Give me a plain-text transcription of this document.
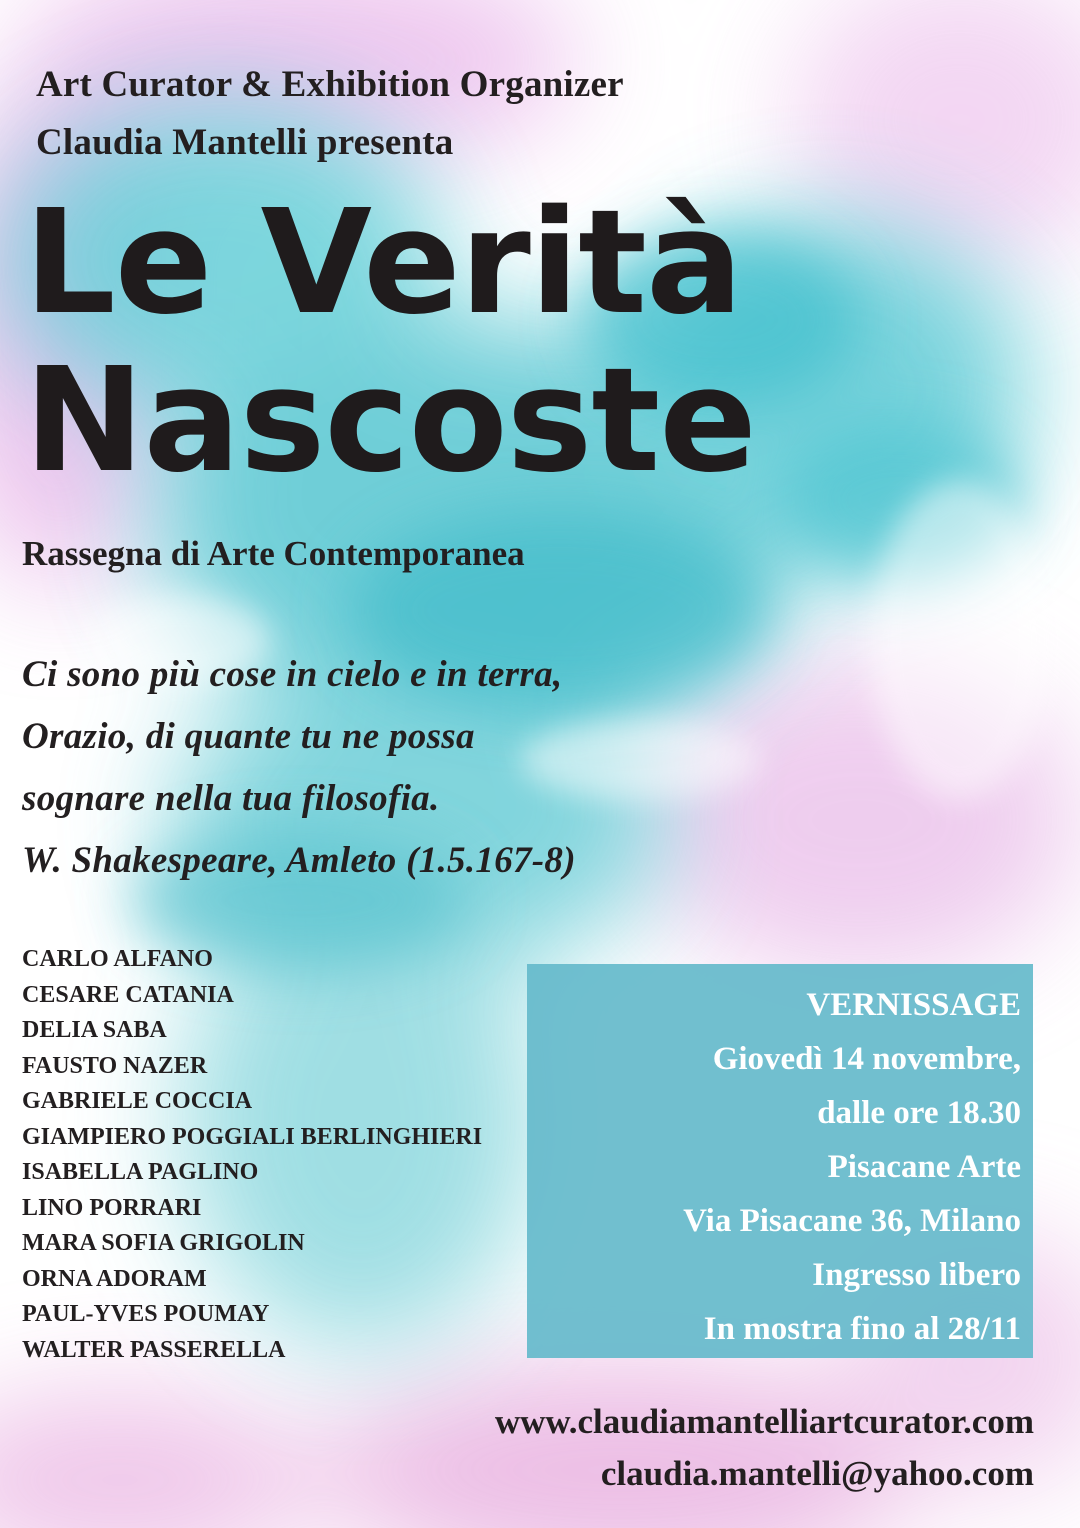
Art Curator & Exhibition Organizer
Claudia Mantelli presenta
Le Verità
Nascoste
Rassegna di Arte Contemporanea
Ci sono più cose in cielo e in terra,
Orazio, di quante tu ne possa
sognare nella tua filosofia.
W. Shakespeare, Amleto (1.5.167-8)
CARLO ALFANO
CESARE CATANIA
DELIA SABA
FAUSTO NAZER
GABRIELE COCCIA
GIAMPIERO POGGIALI BERLINGHIERI
ISABELLA PAGLINO
LINO PORRARI
MARA SOFIA GRIGOLIN
ORNA ADORAM
PAUL-YVES POUMAY
WALTER PASSERELLA
VERNISSAGE
Giovedì 14 novembre,
dalle ore 18.30
Pisacane Arte
Via Pisacane 36, Milano
Ingresso libero
In mostra fino al 28/11
www.claudiamantelliartcurator.com
claudia.mantelli@yahoo.com
